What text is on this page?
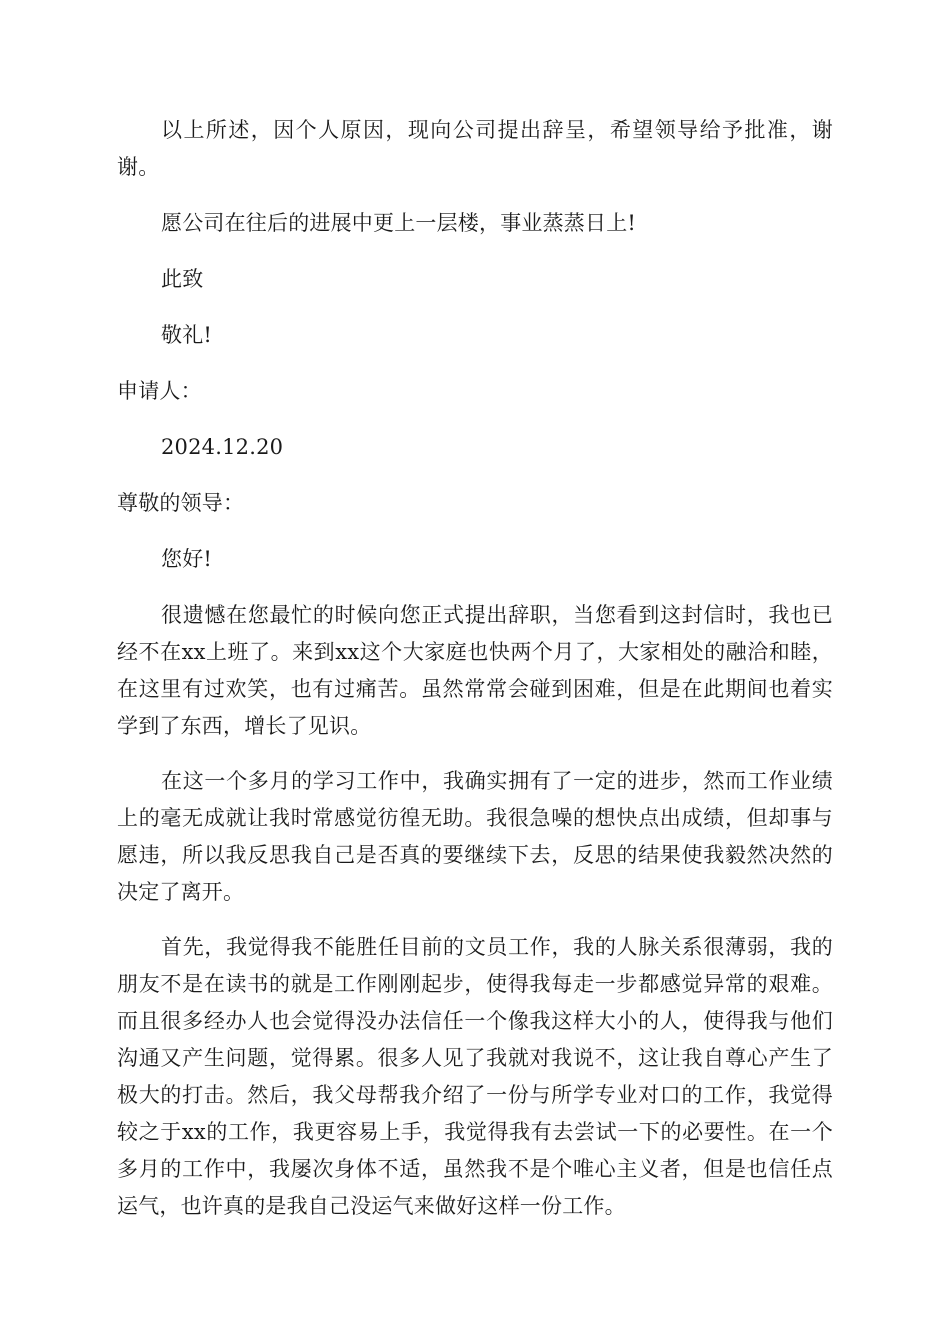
以上所述，因个人原因，现向公司提出辞呈，希望领导给予批准，谢谢。

愿公司在往后的进展中更上一层楼，事业蒸蒸日上!

此致

敬礼!

申请人：

2024.12.20

尊敬的领导：

您好!

很遗憾在您最忙的时候向您正式提出辞职，当您看到这封信时，我也已经不在xx上班了。来到xx这个大家庭也快两个月了，大家相处的融洽和睦，在这里有过欢笑，也有过痛苦。虽然常常会碰到困难，但是在此期间也着实学到了东西，增长了见识。

在这一个多月的学习工作中，我确实拥有了一定的进步，然而工作业绩上的毫无成就让我时常感觉彷徨无助。我很急噪的想快点出成绩，但却事与愿违，所以我反思我自己是否真的要继续下去，反思的结果使我毅然决然的决定了离开。

首先，我觉得我不能胜任目前的文员工作，我的人脉关系很薄弱，我的朋友不是在读书的就是工作刚刚起步，使得我每走一步都感觉异常的艰难。而且很多经办人也会觉得没办法信任一个像我这样大小的人，使得我与他们沟通又产生问题，觉得累。很多人见了我就对我说不，这让我自尊心产生了极大的打击。然后，我父母帮我介绍了一份与所学专业对口的工作，我觉得较之于xx的工作，我更容易上手，我觉得我有去尝试一下的必要性。在一个多月的工作中，我屡次身体不适，虽然我不是个唯心主义者，但是也信任点运气，也许真的是我自己没运气来做好这样一份工作。
